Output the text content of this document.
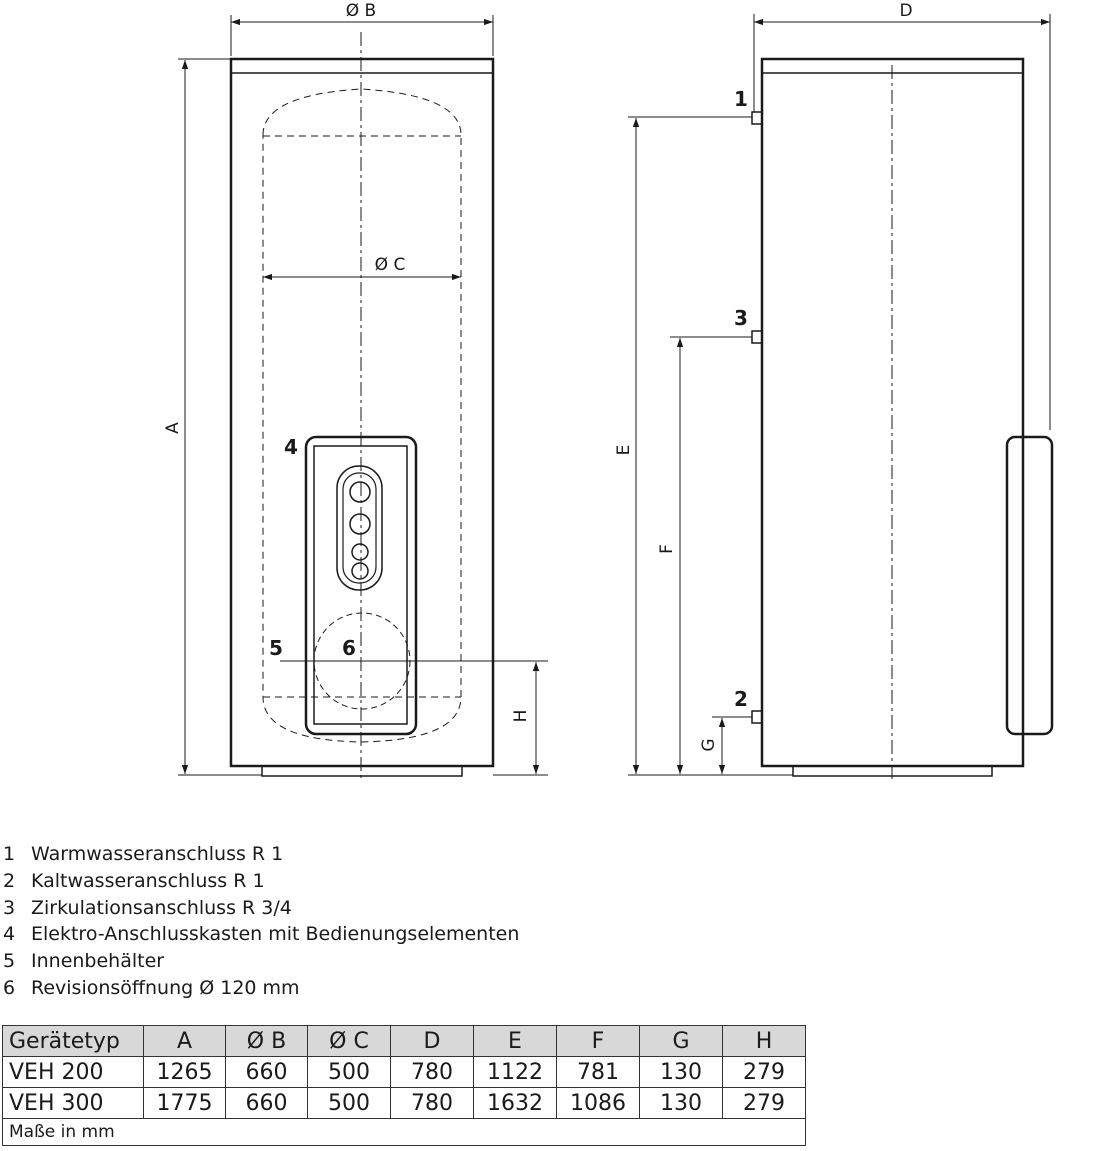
Ø B
Ø C
A
H
D
E
F
G
1
3
2
4
5	6
1 Warmwasseranschluss R 1
2 Kaltwasseranschluss R 1
3 Zirkulationsanschluss R 3/4
4 Elektro-Anschlusskasten mit Bedienungselementen
5 Innenbehälter
6 Revisionsöffnung Ø 120 mm
Gerätetyp	A	Ø B	Ø C	D	E	F	G	H
VEH 200	1265	660	500	780	1122	781	130	279
VEH 300	1775	660	500	780	1632	1086	130	279
Maße in mm								
